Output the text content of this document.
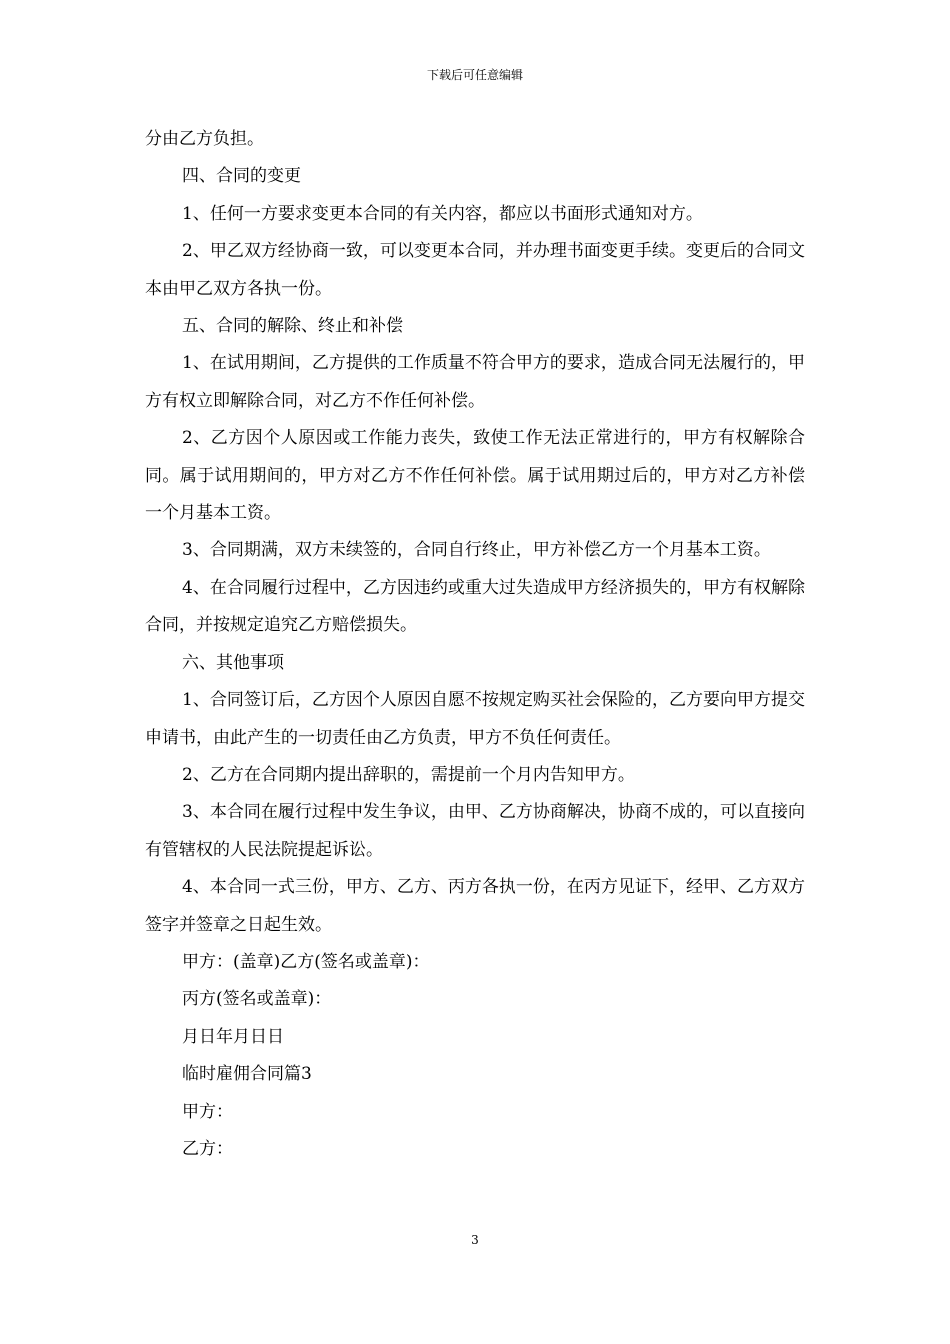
下载后可任意编辑

分由乙方负担。

四、合同的变更

1、任何一方要求变更本合同的有关内容，都应以书面形式通知对方。

2、甲乙双方经协商一致，可以变更本合同，并办理书面变更手续。变更后的合同文本由甲乙双方各执一份。

五、合同的解除、终止和补偿

1、在试用期间，乙方提供的工作质量不符合甲方的要求，造成合同无法履行的，甲方有权立即解除合同，对乙方不作任何补偿。

2、乙方因个人原因或工作能力丧失，致使工作无法正常进行的，甲方有权解除合同。属于试用期间的，甲方对乙方不作任何补偿。属于试用期过后的，甲方对乙方补偿一个月基本工资。

3、合同期满，双方未续签的，合同自行终止，甲方补偿乙方一个月基本工资。

4、在合同履行过程中，乙方因违约或重大过失造成甲方经济损失的，甲方有权解除合同，并按规定追究乙方赔偿损失。

六、其他事项

1、合同签订后，乙方因个人原因自愿不按规定购买社会保险的，乙方要向甲方提交申请书，由此产生的一切责任由乙方负责，甲方不负任何责任。

2、乙方在合同期内提出辞职的，需提前一个月内告知甲方。

3、本合同在履行过程中发生争议，由甲、乙方协商解决，协商不成的，可以直接向有管辖权的人民法院提起诉讼。

4、本合同一式三份，甲方、乙方、丙方各执一份，在丙方见证下，经甲、乙方双方签字并签章之日起生效。

甲方：(盖章)乙方(签名或盖章)：

丙方(签名或盖章)：

月日年月日日

临时雇佣合同篇3

甲方：

乙方：

3
